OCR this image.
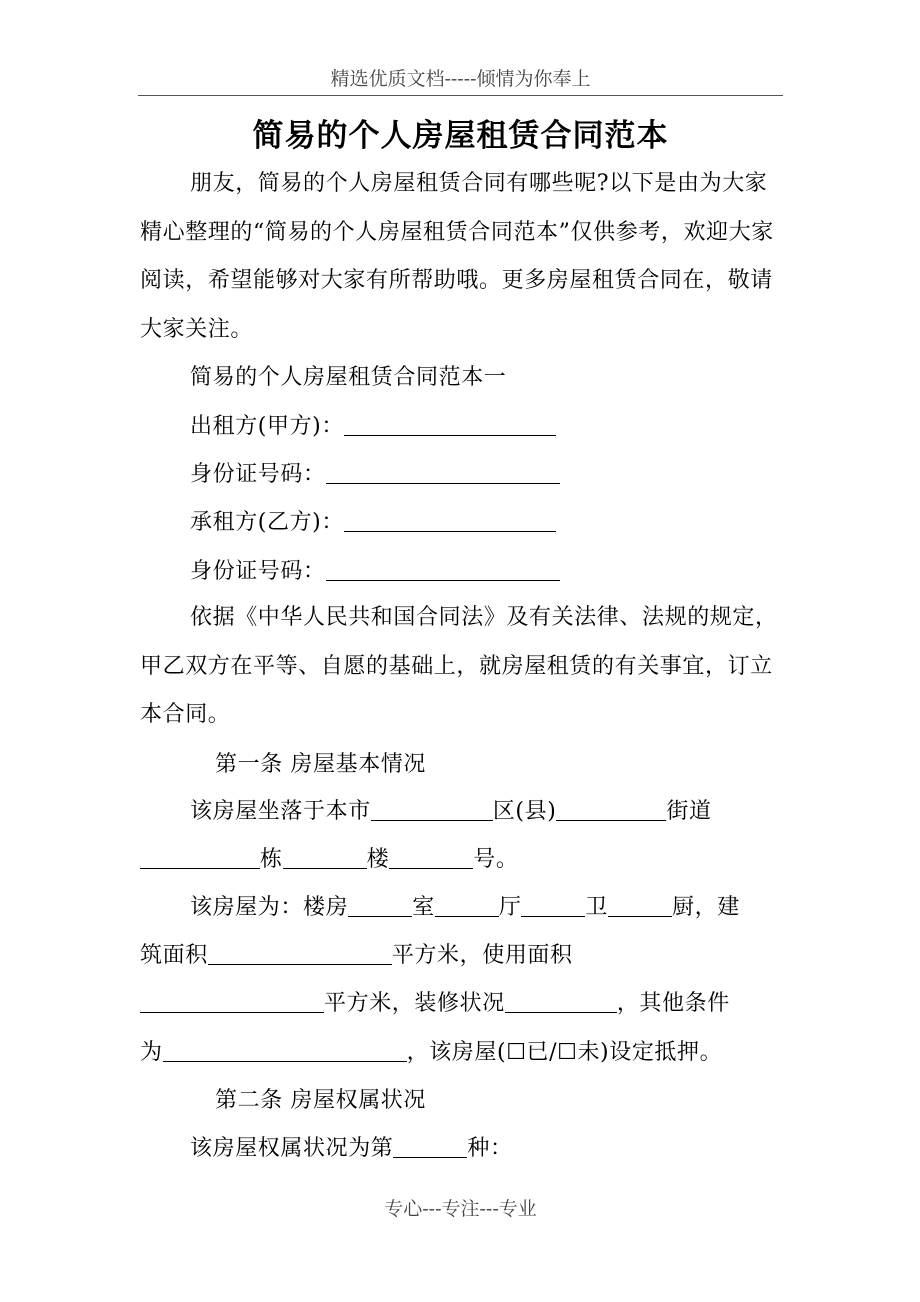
精选优质文档-----倾情为你奉上
简易的个人房屋租赁合同范本
朋友，简易的个人房屋租赁合同有哪些呢?以下是由为大家精心整理的“简易的个人房屋租赁合同范本”仅供参考，欢迎大家阅读，希望能够对大家有所帮助哦。更多房屋租赁合同在，敬请大家关注。
简易的个人房屋租赁合同范本一
出租方(甲方)：
身份证号码：
承租方(乙方)：
身份证号码：
依据《中华人民共和国合同法》及有关法律、法规的规定，甲乙双方在平等、自愿的基础上，就房屋租赁的有关事宜，订立本合同。
第一条 房屋基本情况
该房屋坐落于本市	区(县)	街道
栋	楼	号。
该房屋为：楼房	室	厅	卫	厨，建
筑面积	平方米，使用面积
平方米，装修状况	，其他条件
为	，该房屋(☐已/☐未)设定抵押。
第二条 房屋权属状况
该房屋权属状况为第	种：
专心---专注---专业
